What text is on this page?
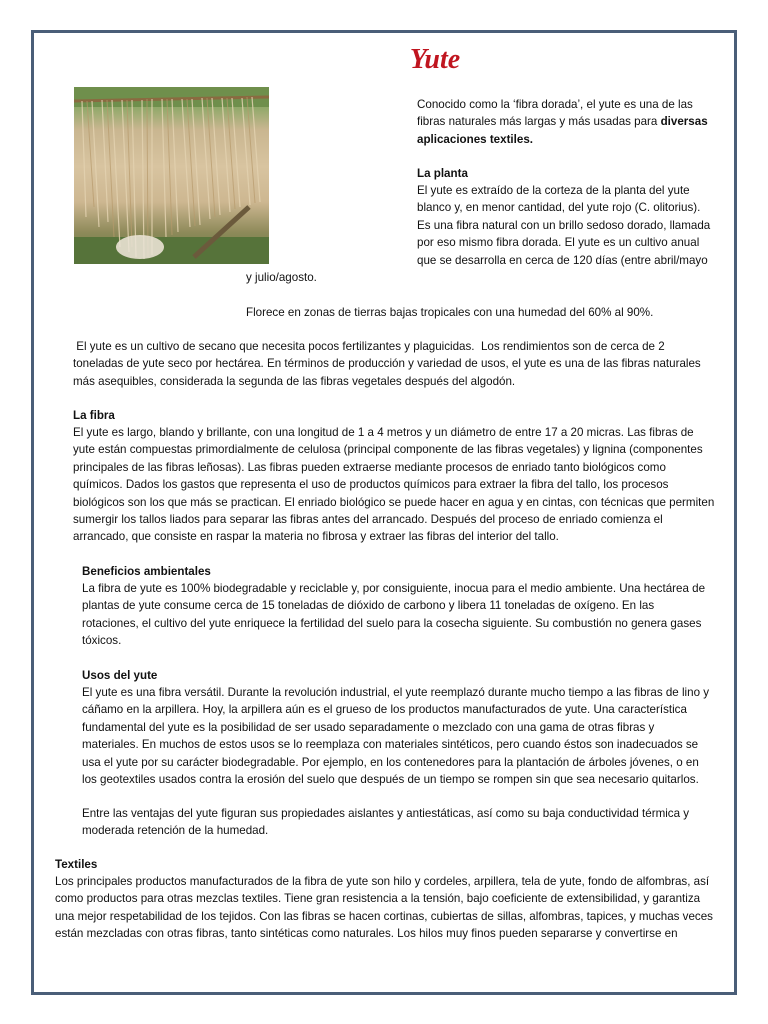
Yute

Conocido como la ‘fibra dorada’, el yute es una de las fibras naturales más largas y más usadas para diversas aplicaciones textiles.

La planta

El yute es extraído de la corteza de la planta del yute blanco y, en menor cantidad, del yute rojo (C. olitorius). Es una fibra natural con un brillo sedoso dorado, llamada por eso mismo fibra dorada. El yute es un cultivo anual que se desarrolla en cerca de 120 días (entre abril/mayo

y julio/agosto.

Florece en zonas de tierras bajas tropicales con una humedad del 60% al 90%.

El yute es un cultivo de secano que necesita pocos fertilizantes y plaguicidas.  Los rendimientos son de cerca de 2 toneladas de yute seco por hectárea. En términos de producción y variedad de usos, el yute es una de las fibras naturales más asequibles, considerada la segunda de las fibras vegetales después del algodón.

La fibra

El yute es largo, blando y brillante, con una longitud de 1 a 4 metros y un diámetro de entre 17 a 20 micras. Las fibras de yute están compuestas primordialmente de celulosa (principal componente de las fibras vegetales) y lignina (componentes principales de las fibras leñosas). Las fibras pueden extraerse mediante procesos de enriado tanto biológicos como químicos. Dados los gastos que representa el uso de productos químicos para extraer la fibra del tallo, los procesos biológicos son los que más se practican. El enriado biológico se puede hacer en agua y en cintas, con técnicas que permiten sumergir los tallos liados para separar las fibras antes del arrancado. Después del proceso de enriado comienza el arrancado, que consiste en raspar la materia no fibrosa y extraer las fibras del interior del tallo.

Beneficios ambientales

La fibra de yute es 100% biodegradable y reciclable y, por consiguiente, inocua para el medio ambiente. Una hectárea de plantas de yute consume cerca de 15 toneladas de dióxido de carbono y libera 11 toneladas de oxígeno. En las rotaciones, el cultivo del yute enriquece la fertilidad del suelo para la cosecha siguiente. Su combustión no genera gases tóxicos.

Usos del yute

El yute es una fibra versátil. Durante la revolución industrial, el yute reemplazó durante mucho tiempo a las fibras de lino y cáñamo en la arpillera. Hoy, la arpillera aún es el grueso de los productos manufacturados de yute. Una característica fundamental del yute es la posibilidad de ser usado separadamente o mezclado con una gama de otras fibras y materiales. En muchos de estos usos se lo reemplaza con materiales sintéticos, pero cuando éstos son inadecuados se usa el yute por su carácter biodegradable. Por ejemplo, en los contenedores para la plantación de árboles jóvenes, o en los geotextiles usados contra la erosión del suelo que después de un tiempo se rompen sin que sea necesario quitarlos.

Entre las ventajas del yute figuran sus propiedades aislantes y antiestáticas, así como su baja conductividad térmica y moderada retención de la humedad.

Textiles

Los principales productos manufacturados de la fibra de yute son hilo y cordeles, arpillera, tela de yute, fondo de alfombras, así como productos para otras mezclas textiles. Tiene gran resistencia a la tensión, bajo coeficiente de extensibilidad, y garantiza una mejor respetabilidad de los tejidos. Con las fibras se hacen cortinas, cubiertas de sillas, alfombras, tapices, y muchas veces están mezcladas con otras fibras, tanto sintéticas como naturales. Los hilos muy finos pueden separarse y convertirse en
